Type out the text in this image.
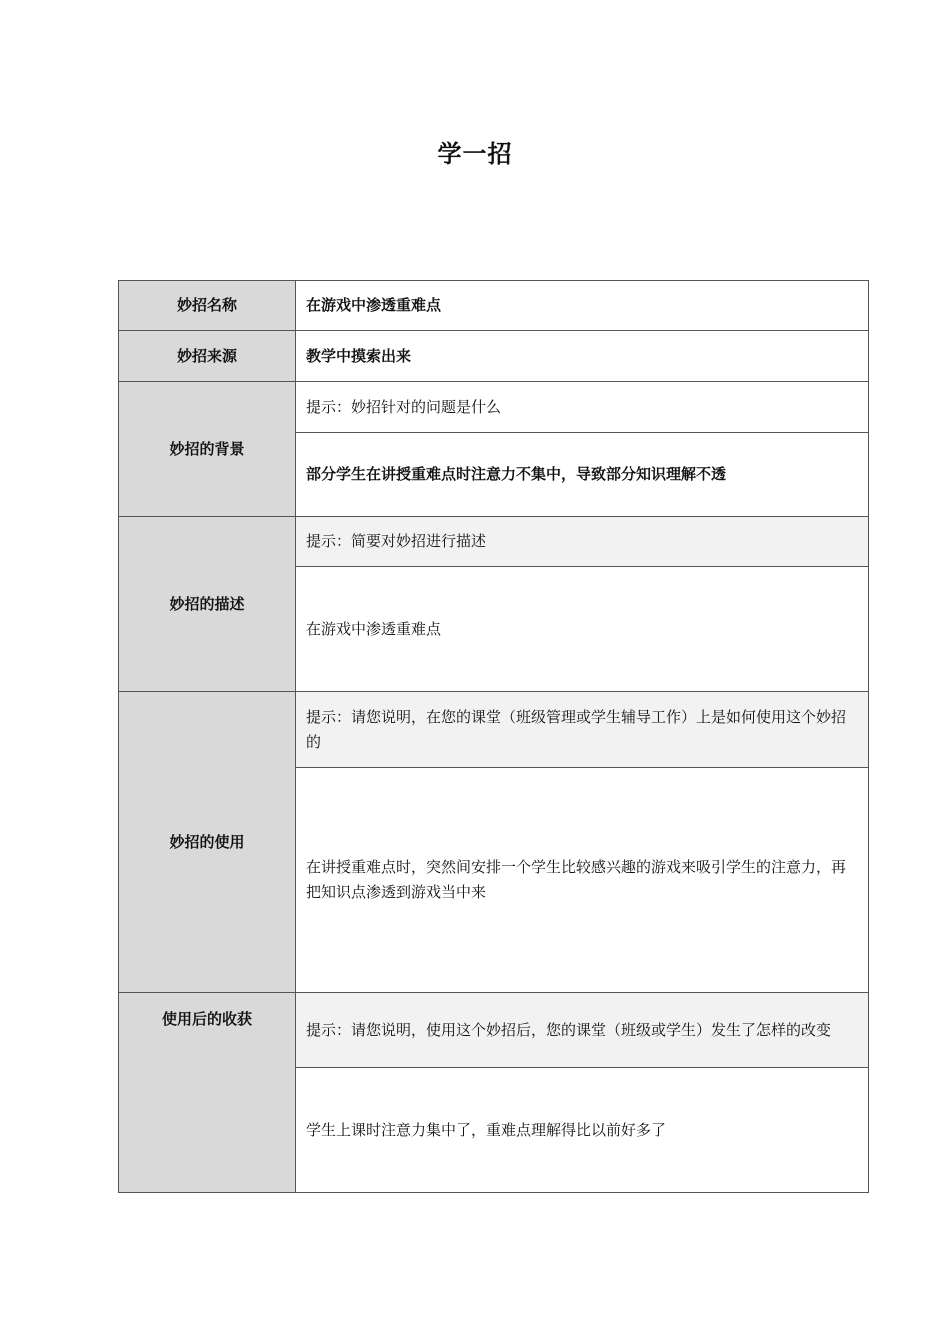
学一招
妙招名称	在游戏中渗透重难点
妙招来源	教学中摸索出来
妙招的背景	提示：妙招针对的问题是什么
	部分学生在讲授重难点时注意力不集中，导致部分知识理解不透
妙招的描述	提示：简要对妙招进行描述
	在游戏中渗透重难点
妙招的使用	提示：请您说明，在您的课堂（班级管理或学生辅导工作）上是如何使用这个妙招的
	在讲授重难点时，突然间安排一个学生比较感兴趣的游戏来吸引学生的注意力，再把知识点渗透到游戏当中来
使用后的收获	提示：请您说明，使用这个妙招后，您的课堂（班级或学生）发生了怎样的改变
	学生上课时注意力集中了，重难点理解得比以前好多了
